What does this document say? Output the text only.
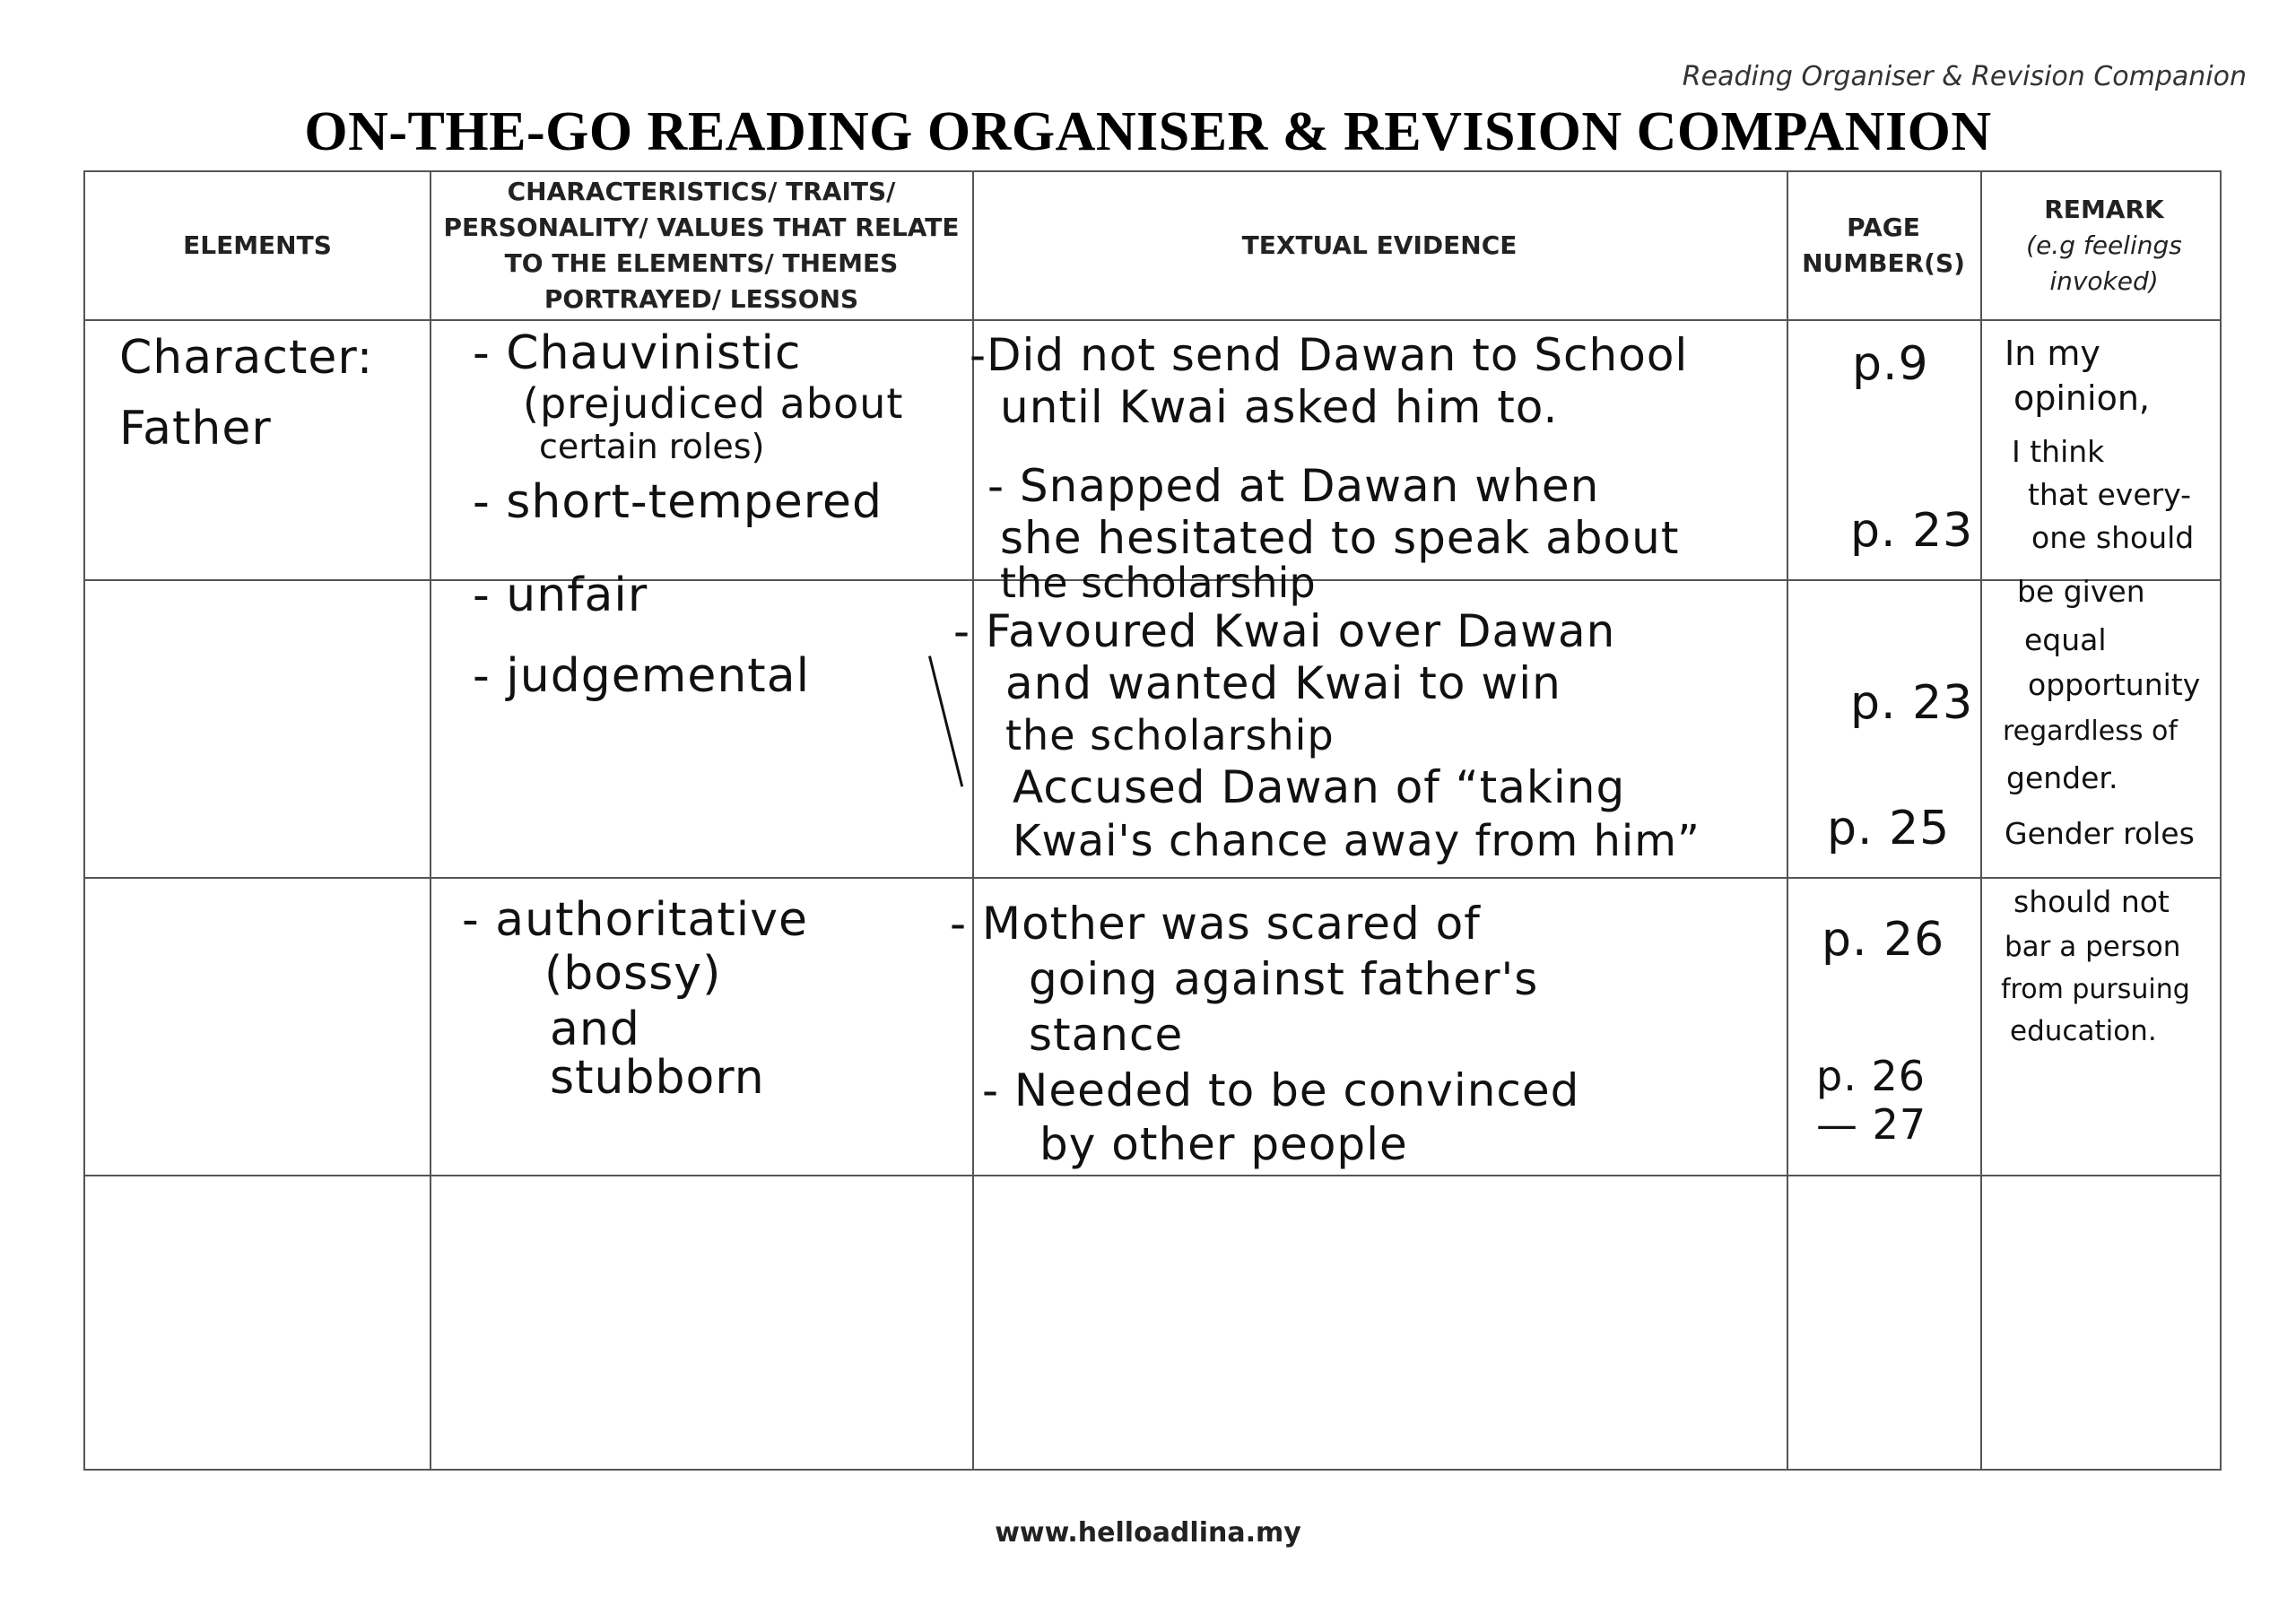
Reading Organiser & Revision Companion
ON-THE-GO READING ORGANISER & REVISION COMPANION
ELEMENTS
CHARACTERISTICS/ TRAITS/ PERSONALITY/ VALUES THAT RELATE TO THE ELEMENTS/ THEMES PORTRAYED/ LESSONS
TEXTUAL EVIDENCE
PAGE NUMBER(S)
REMARK
(e.g feelings invoked)
Character:
Father
- Chauvinistic
(prejudiced about
certain roles)
- short-tempered
- unfair
- judgemental
- authoritative
(bossy)
and
stubborn
-Did not send Dawan to School
until Kwai asked him to.
- Snapped at Dawan when
she hesitated to speak about
the scholarship
- Favoured Kwai over Dawan
and wanted Kwai to win
the scholarship
Accused Dawan of “taking
Kwai's chance away from him”
- Mother was scared of
going against father's
stance
- Needed to be convinced
by other people
p.9
p. 23
p. 23
p. 25
p. 26
p. 26
— 27
In my
opinion,
I think
that every-
one should
be given
equal
opportunity
regardless of
gender.
Gender roles
should not
bar a person
from pursuing
education.
www.helloadlina.my
